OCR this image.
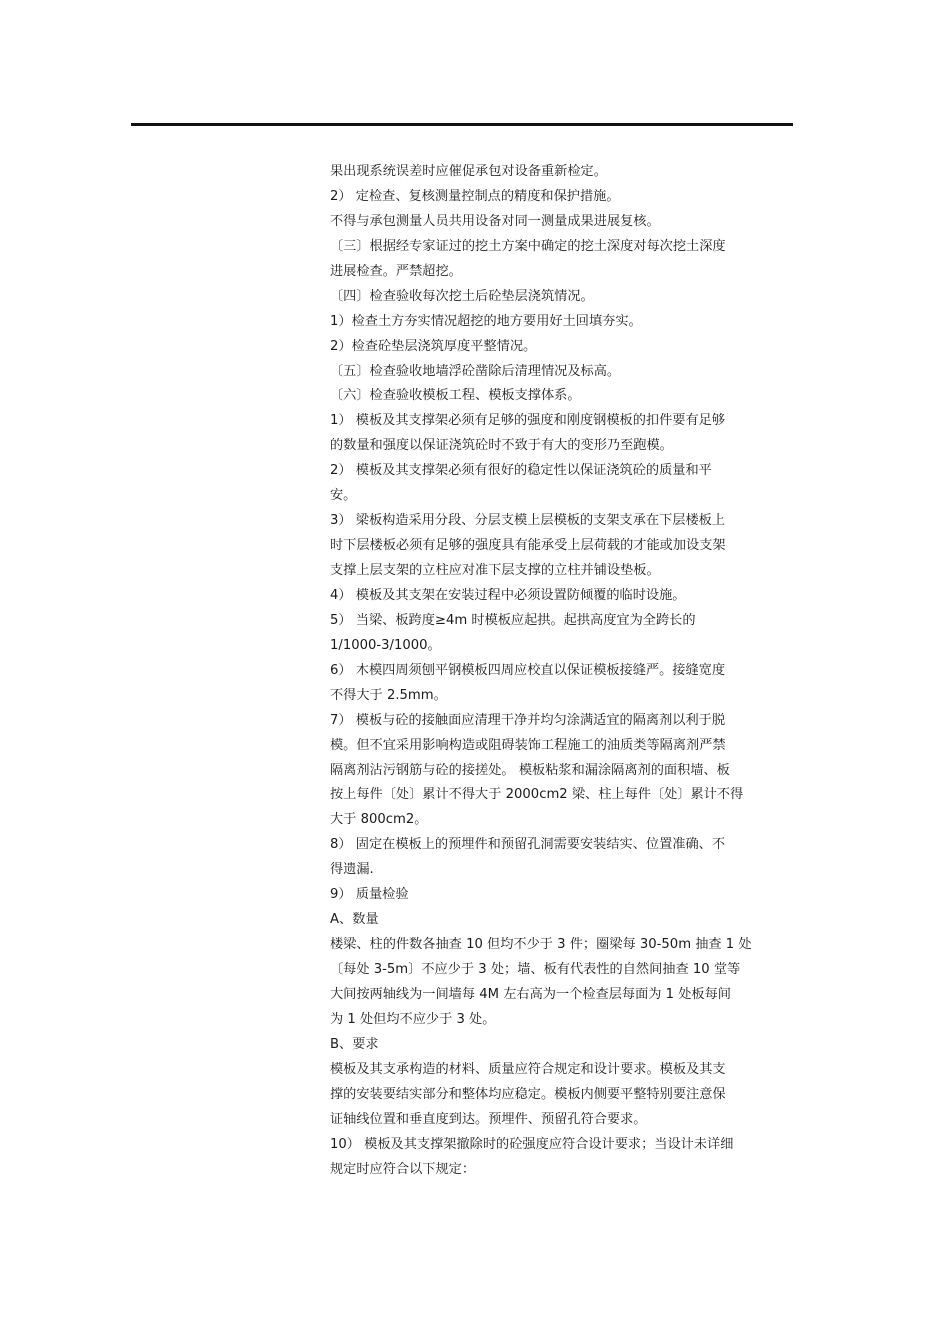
果出现系统误差时应催促承包对设备重新检定。
2） 定检查、复核测量控制点的精度和保护措施。
不得与承包测量人员共用设备对同一测量成果进展复核。
〔三〕根据经专家证过的挖土方案中确定的挖土深度对每次挖土深度
进展检查。严禁超挖。
〔四〕检查验收每次挖土后砼垫层浇筑情况。
1）检查土方夯实情况超挖的地方要用好土回填夯实。
2）检查砼垫层浇筑厚度平整情况。
〔五〕检查验收地墙浮砼凿除后清理情况及标高。
〔六〕检查验收模板工程、模板支撑体系。
1） 模板及其支撑架必须有足够的强度和刚度钢模板的扣件要有足够
的数量和强度以保证浇筑砼时不致于有大的变形乃至跑模。
2） 模板及其支撑架必须有很好的稳定性以保证浇筑砼的质量和平
安。
3） 梁板构造采用分段、分层支模上层模板的支架支承在下层楼板上
时下层楼板必须有足够的强度具有能承受上层荷载的才能或加设支架
支撑上层支架的立柱应对准下层支撑的立柱并铺设垫板。
4） 模板及其支架在安装过程中必须设置防倾覆的临时设施。
5） 当梁、板跨度≥4m 时模板应起拱。起拱高度宜为全跨长的
1/1000-3/1000。
6） 木模四周须刨平钢模板四周应校直以保证模板接缝严。接缝宽度
不得大于 2.5mm。
7） 模板与砼的接触面应清理干净并均匀涂满适宜的隔离剂以利于脱
模。但不宜采用影响构造或阻碍装饰工程施工的油质类等隔离剂严禁
隔离剂沾污钢筋与砼的接搓处。 模板粘浆和漏涂隔离剂的面积墙、板
按上每件〔处〕累计不得大于 2000cm2 梁、柱上每件〔处〕累计不得
大于 800cm2。
8） 固定在模板上的预埋件和预留孔洞需要安装结实、位置准确、不
得遗漏.
9） 质量检验
A、数量
楼梁、柱的件数各抽查 10 但均不少于 3 件；圈梁每 30-50m 抽查 1 处
〔每处 3-5m〕不应少于 3 处；墙、板有代表性的自然间抽查 10 堂等
大间按两轴线为一间墙每 4M 左右高为一个检查层每面为 1 处板每间
为 1 处但均不应少于 3 处。
B、要求
模板及其支承构造的材料、质量应符合规定和设计要求。模板及其支
撑的安装要结实部分和整体均应稳定。模板内侧要平整特别要注意保
证轴线位置和垂直度到达。预埋件、预留孔符合要求。
10） 模板及其支撑架撤除时的砼强度应符合设计要求；当设计未详细
规定时应符合以下规定：
